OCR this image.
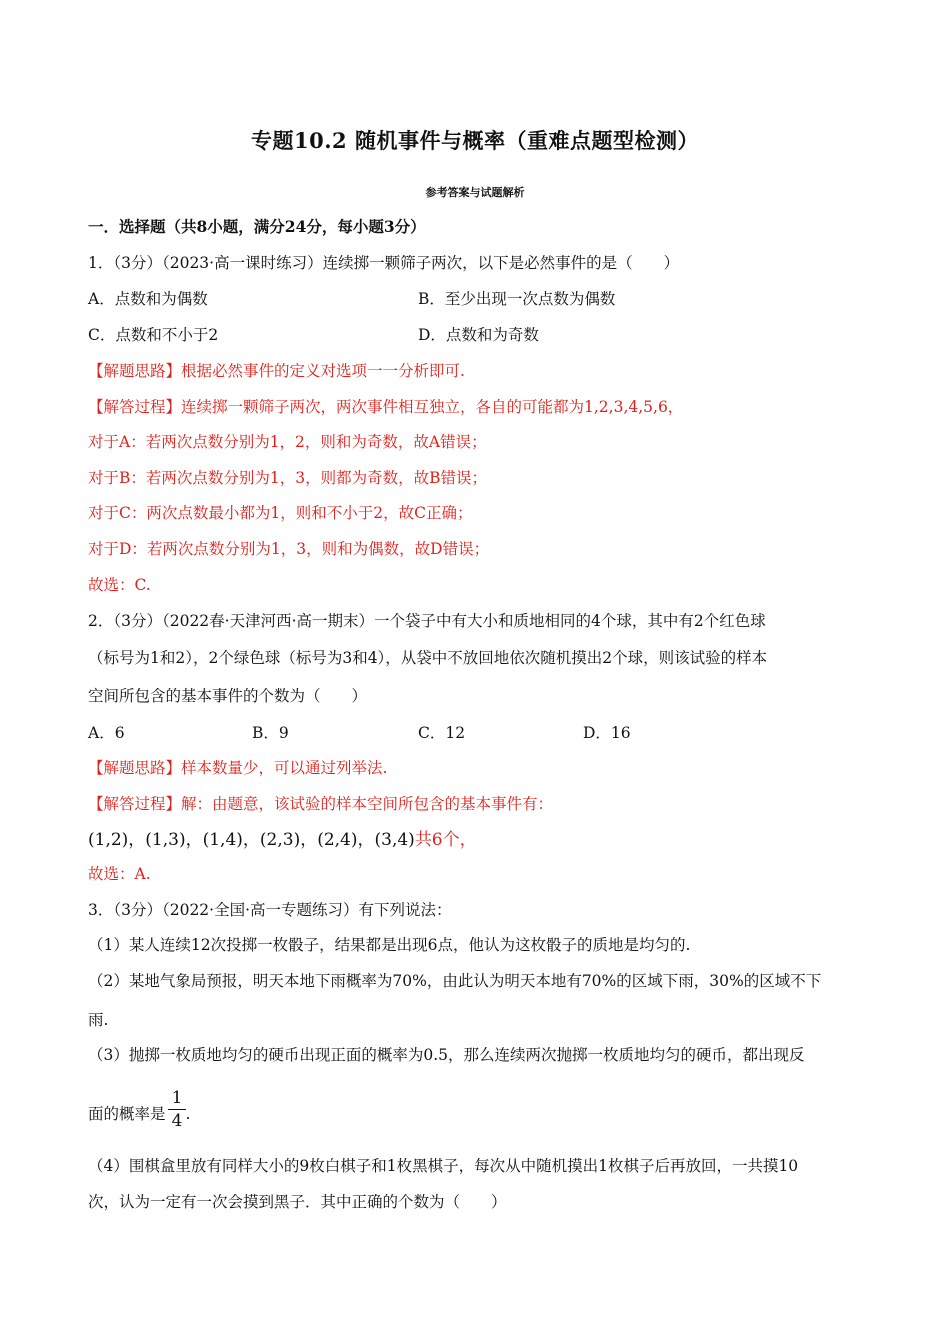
专题10.2 随机事件与概率（重难点题型检测）
参考答案与试题解析
一．选择题（共8小题，满分24分，每小题3分）
1．（3分）（2023·高一课时练习）连续掷一颗筛子两次，以下是必然事件的是（　　）
A．点数和为偶数	B．至少出现一次点数为偶数
C．点数和不小于2	D．点数和为奇数
【解题思路】根据必然事件的定义对选项一一分析即可.
【解答过程】连续掷一颗筛子两次，两次事件相互独立，各自的可能都为1,2,3,4,5,6，
对于A：若两次点数分别为1，2，则和为奇数，故A错误；
对于B：若两次点数分别为1，3，则都为奇数，故B错误；
对于C：两次点数最小都为1，则和不小于2，故C正确；
对于D：若两次点数分别为1，3，则和为偶数，故D错误；
故选：C.
2．（3分）（2022春·天津河西·高一期末）一个袋子中有大小和质地相同的4个球，其中有2个红色球
（标号为1和2），2个绿色球（标号为3和4），从袋中不放回地依次随机摸出2个球，则该试验的样本
空间所包含的基本事件的个数为（　　）
A．6	B．9	C．12	D．16
【解题思路】样本数量少，可以通过列举法.
【解答过程】解：由题意，该试验的样本空间所包含的基本事件有：
(1,2)，(1,3)，(1,4)，(2,3)，(2,4)，(3,4)共6个，
故选：A.
3．（3分）（2022·全国·高一专题练习）有下列说法：
（1）某人连续12次投掷一枚骰子，结果都是出现6点，他认为这枚骰子的质地是均匀的.
（2）某地气象局预报，明天本地下雨概率为70%，由此认为明天本地有70%的区域下雨，30%的区域不下
雨.
（3）抛掷一枚质地均匀的硬币出现正面的概率为0.5，那么连续两次抛掷一枚质地均匀的硬币，都出现反
面的概率是 .
1
4
（4）围棋盒里放有同样大小的9枚白棋子和1枚黑棋子，每次从中随机摸出1枚棋子后再放回，一共摸10
次，认为一定有一次会摸到黑子．其中正确的个数为（　　）
